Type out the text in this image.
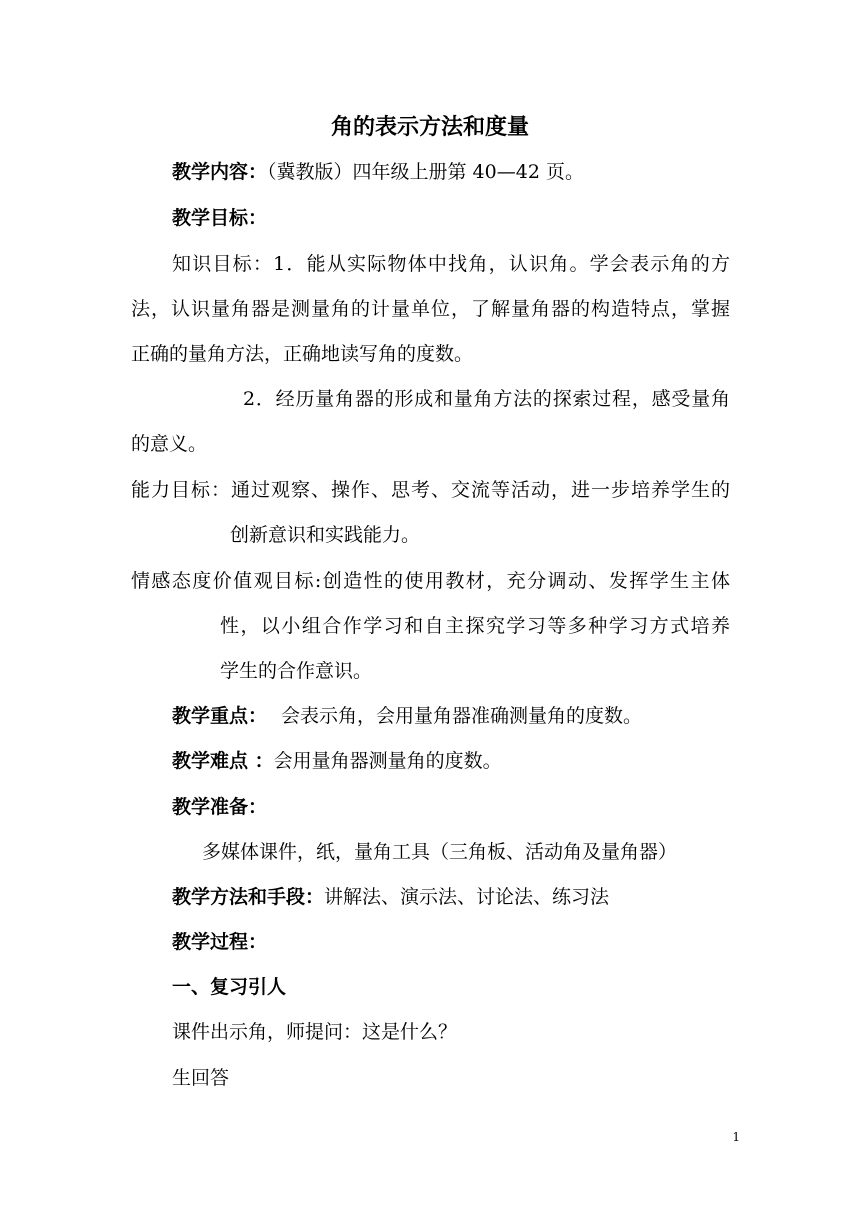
角的表示方法和度量
教学内容：（冀教版）四年级上册第 40—42 页。
教学目标：
知识目标：1．能从实际物体中找角，认识角。学会表示角的方
法，认识量角器是测量角的计量单位，了解量角器的构造特点，掌握
正确的量角方法，正确地读写角的度数。
2．经历量角器的形成和量角方法的探索过程，感受量角
的意义。
能力目标：通过观察、操作、思考、交流等活动，进一步培养学生的
创新意识和实践能力。
情感态度价值观目标:创造性的使用教材，充分调动、发挥学生主体
性，以小组合作学习和自主探究学习等多种学习方式培养
学生的合作意识。
教学重点： 会表示角，会用量角器准确测量角的度数。
教学难点 ：会用量角器测量角的度数。
教学准备：
多媒体课件，纸，量角工具（三角板、活动角及量角器）
教学方法和手段：讲解法、演示法、讨论法、练习法
教学过程：
一、复习引人
课件出示角，师提问：这是什么？
生回答
1
